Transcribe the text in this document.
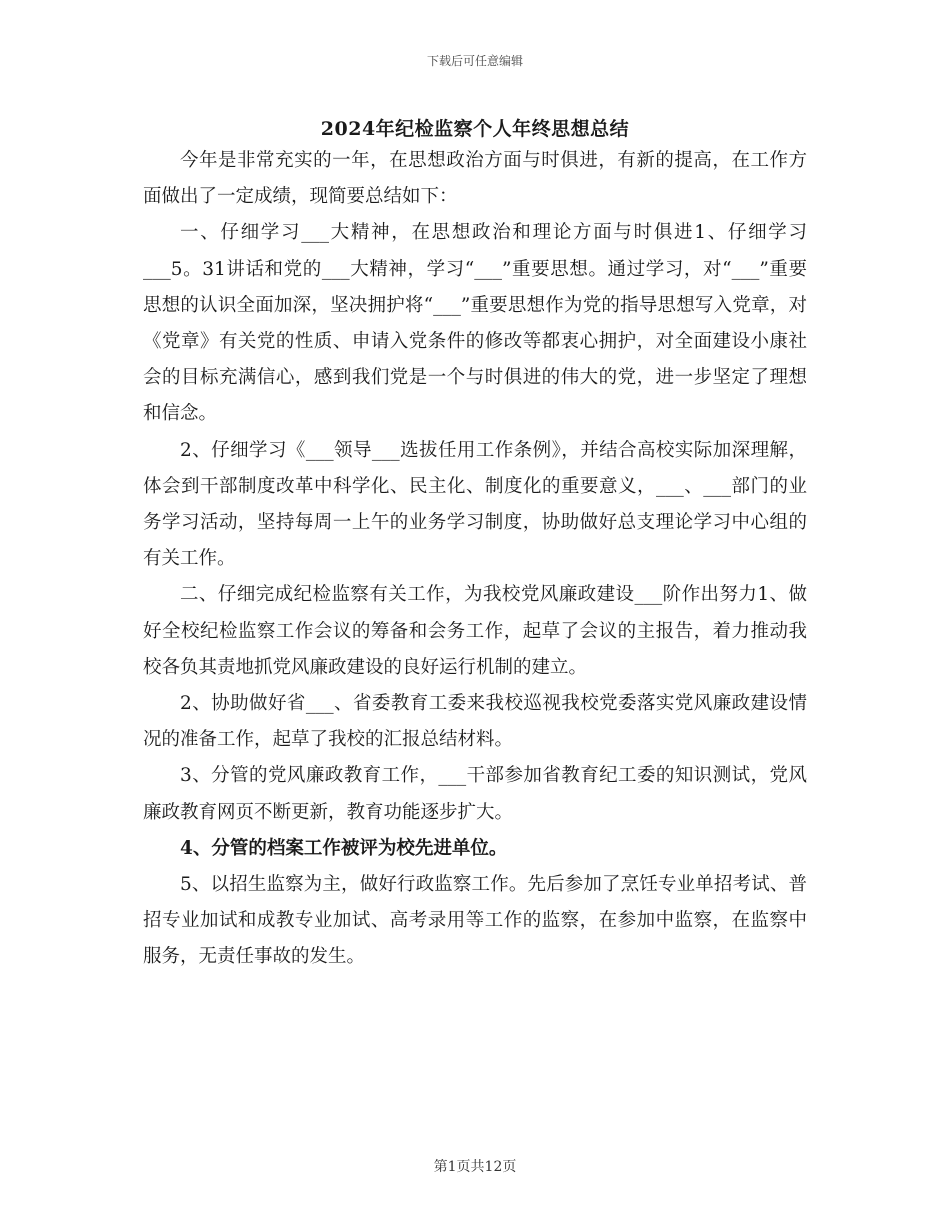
下载后可任意编辑
2024年纪检监察个人年终思想总结

今年是非常充实的一年，在思想政治方面与时俱进，有新的提高，在工作方面做出了一定成绩，现简要总结如下：

一、仔细学习___大精神，在思想政治和理论方面与时俱进1、仔细学习___5。31讲话和党的___大精神，学习“___”重要思想。通过学习，对“___”重要思想的认识全面加深，坚决拥护将“___”重要思想作为党的指导思想写入党章，对《党章》有关党的性质、申请入党条件的修改等都衷心拥护，对全面建设小康社会的目标充满信心，感到我们党是一个与时俱进的伟大的党，进一步坚定了理想和信念。

2、仔细学习《___领导___选拔任用工作条例》，并结合高校实际加深理解，体会到干部制度改革中科学化、民主化、制度化的重要意义，___、___部门的业务学习活动，坚持每周一上午的业务学习制度，协助做好总支理论学习中心组的有关工作。

二、仔细完成纪检监察有关工作，为我校党风廉政建设___阶作出努力1、做好全校纪检监察工作会议的筹备和会务工作，起草了会议的主报告，着力推动我校各负其责地抓党风廉政建设的良好运行机制的建立。

2、协助做好省___、省委教育工委来我校巡视我校党委落实党风廉政建设情况的准备工作，起草了我校的汇报总结材料。

3、分管的党风廉政教育工作，___干部参加省教育纪工委的知识测试，党风廉政教育网页不断更新，教育功能逐步扩大。

4、分管的档案工作被评为校先进单位。

5、以招生监察为主，做好行政监察工作。先后参加了烹饪专业单招考试、普招专业加试和成教专业加试、高考录用等工作的监察，在参加中监察，在监察中服务，无责任事故的发生。

第1页共12页
